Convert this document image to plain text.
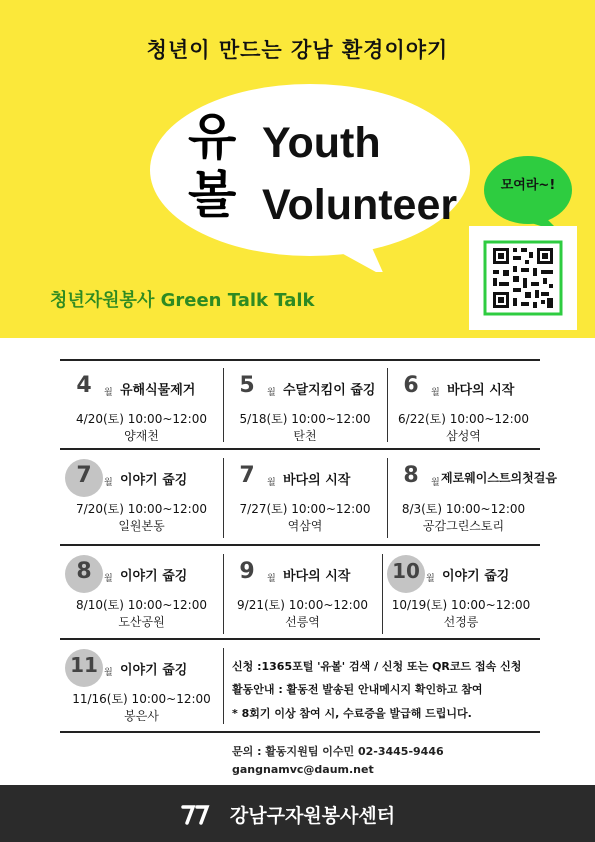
청년이 만드는 강남 환경이야기
유
볼
Youth
Volunteer	모여라~!
청년자원봉사 Green Talk Talk
4	월 유해식물제거
4/20(토) 10:00~12:00
양재천
5	월 수달지킴이 줍깅
5/18(토) 10:00~12:00
탄천
6	월 바다의 시작
6/22(토) 10:00~12:00
삼성역
7	월 이야기 줍깅
7/20(토) 10:00~12:00
일원본동
7	월 바다의 시작
7/27(토) 10:00~12:00
역삼역
8	월 제로웨이스트의첫걸음
8/3(토) 10:00~12:00
공감그린스토리
8	월 이야기 줍깅
8/10(토) 10:00~12:00
도산공원
9	월 바다의 시작
9/21(토) 10:00~12:00
선릉역
10 월 이야기 줍깅
10/19(토) 10:00~12:00
선정릉
11 월 이야기 줍깅
11/16(토) 10:00~12:00
봉은사
신청 :1365포털 '유볼' 검색 / 신청 또는 QR코드 접속 신청
활동안내 : 활동전 발송된 안내메시지 확인하고 참여
* 8회기 이상 참여 시, 수료증을 발급해 드립니다.
문의 : 활동지원팀 이수민 02-3445-9446
gangnamvc@daum.net
강남구자원봉사센터
